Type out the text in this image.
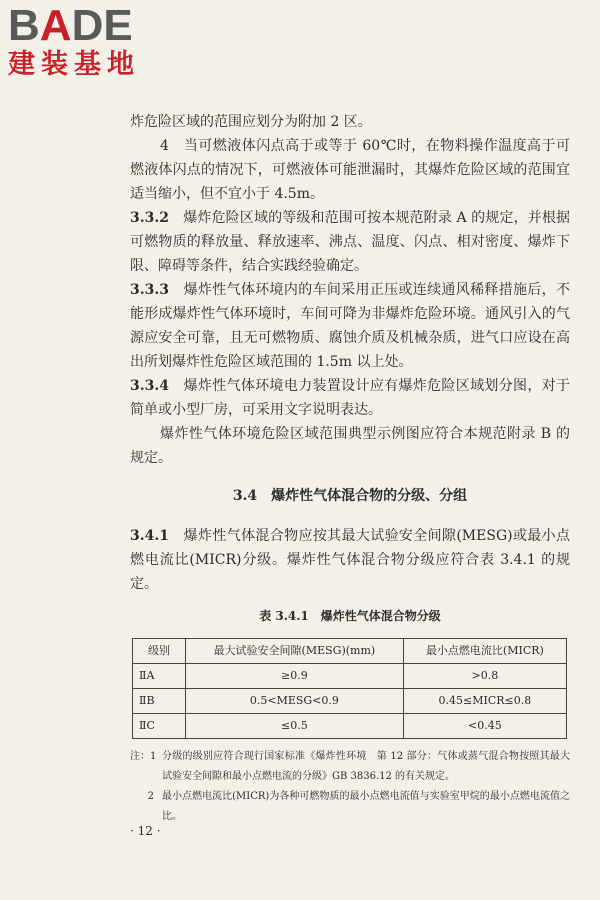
BADE
建装基地

炸危险区域的范围应划分为附加 2 区。

4　当可燃液体闪点高于或等于 60℃时，在物料操作温度高于可燃液体闪点的情况下，可燃液体可能泄漏时，其爆炸危险区域的范围宜适当缩小，但不宜小于 4.5m。

3.3.2　爆炸危险区域的等级和范围可按本规范附录 A 的规定，并根据可燃物质的释放量、释放速率、沸点、温度、闪点、相对密度、爆炸下限、障碍等条件，结合实践经验确定。

3.3.3　爆炸性气体环境内的车间采用正压或连续通风稀释措施后，不能形成爆炸性气体环境时，车间可降为非爆炸危险环境。通风引入的气源应安全可靠，且无可燃物质、腐蚀介质及机械杂质，进气口应设在高出所划爆炸性危险区域范围的 1.5m 以上处。

3.3.4　爆炸性气体环境电力装置设计应有爆炸危险区域划分图，对于简单或小型厂房，可采用文字说明表达。

爆炸性气体环境危险区域范围典型示例图应符合本规范附录 B 的规定。

3.4　爆炸性气体混合物的分级、分组

3.4.1　爆炸性气体混合物应按其最大试验安全间隙(MESG)或最小点燃电流比(MICR)分级。爆炸性气体混合物分级应符合表 3.4.1 的规定。

表 3.4.1　爆炸性气体混合物分级
级别	最大试验安全间隙(MESG)(mm)	最小点燃电流比(MICR)
ⅡA	≥0.9	>0.8
ⅡB	0.5<MESG<0.9	0.45≤MICR≤0.8
ⅡC	≤0.5	<0.45
注：1 分级的级别应符合现行国家标准《爆炸性环境　第 12 部分：气体或蒸气混合物按照其最大试验安全间隙和最小点燃电流的分级》GB 3836.12 的有关规定。
2 最小点燃电流比(MICR)为各种可燃物质的最小点燃电流值与实验室甲烷的最小点燃电流值之比。
· 12 ·
